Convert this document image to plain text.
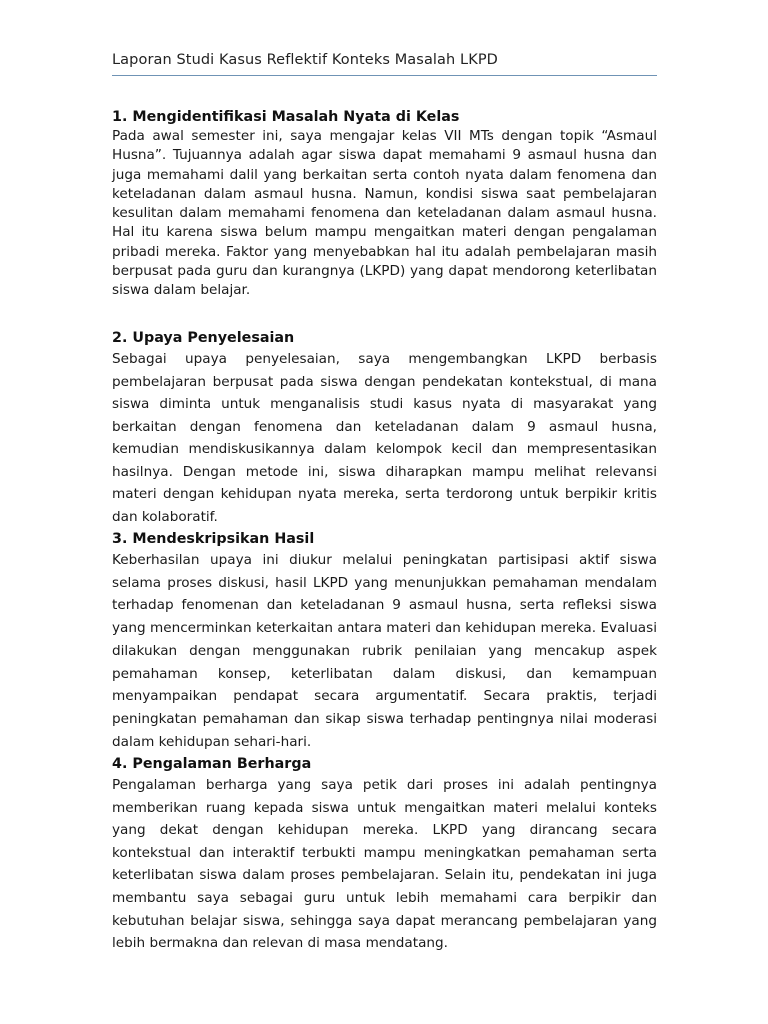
Laporan Studi Kasus Reflektif Konteks Masalah LKPD
1. Mengidentifikasi Masalah Nyata di Kelas

Pada awal semester ini, saya mengajar kelas VII MTs dengan topik “Asmaul Husna”. Tujuannya adalah agar siswa dapat memahami 9 asmaul husna dan juga memahami dalil yang berkaitan serta contoh nyata dalam fenomena dan keteladanan dalam asmaul husna. Namun, kondisi siswa saat pembelajaran kesulitan dalam memahami fenomena dan keteladanan dalam asmaul husna. Hal itu karena siswa belum mampu mengaitkan materi dengan pengalaman pribadi mereka. Faktor yang menyebabkan hal itu adalah pembelajaran masih berpusat pada guru dan kurangnya (LKPD) yang dapat mendorong keterlibatan siswa dalam belajar.

2. Upaya Penyelesaian

Sebagai upaya penyelesaian, saya mengembangkan LKPD berbasis pembelajaran berpusat pada siswa dengan pendekatan kontekstual, di mana siswa diminta untuk menganalisis studi kasus nyata di masyarakat yang berkaitan dengan fenomena dan keteladanan dalam 9 asmaul husna, kemudian mendiskusikannya dalam kelompok kecil dan mempresentasikan hasilnya. Dengan metode ini, siswa diharapkan mampu melihat relevansi materi dengan kehidupan nyata mereka, serta terdorong untuk berpikir kritis dan kolaboratif.

3. Mendeskripsikan Hasil

Keberhasilan upaya ini diukur melalui peningkatan partisipasi aktif siswa selama proses diskusi, hasil LKPD yang menunjukkan pemahaman mendalam terhadap fenomenan dan keteladanan 9 asmaul husna, serta refleksi siswa yang mencerminkan keterkaitan antara materi dan kehidupan mereka. Evaluasi dilakukan dengan menggunakan rubrik penilaian yang mencakup aspek pemahaman konsep, keterlibatan dalam diskusi, dan kemampuan menyampaikan pendapat secara argumentatif. Secara praktis, terjadi peningkatan pemahaman dan sikap siswa terhadap pentingnya nilai moderasi dalam kehidupan sehari-hari.

4. Pengalaman Berharga

Pengalaman berharga yang saya petik dari proses ini adalah pentingnya memberikan ruang kepada siswa untuk mengaitkan materi melalui konteks yang dekat dengan kehidupan mereka. LKPD yang dirancang secara kontekstual dan interaktif terbukti mampu meningkatkan pemahaman serta keterlibatan siswa dalam proses pembelajaran. Selain itu, pendekatan ini juga membantu saya sebagai guru untuk lebih memahami cara berpikir dan kebutuhan belajar siswa, sehingga saya dapat merancang pembelajaran yang lebih bermakna dan relevan di masa mendatang.
